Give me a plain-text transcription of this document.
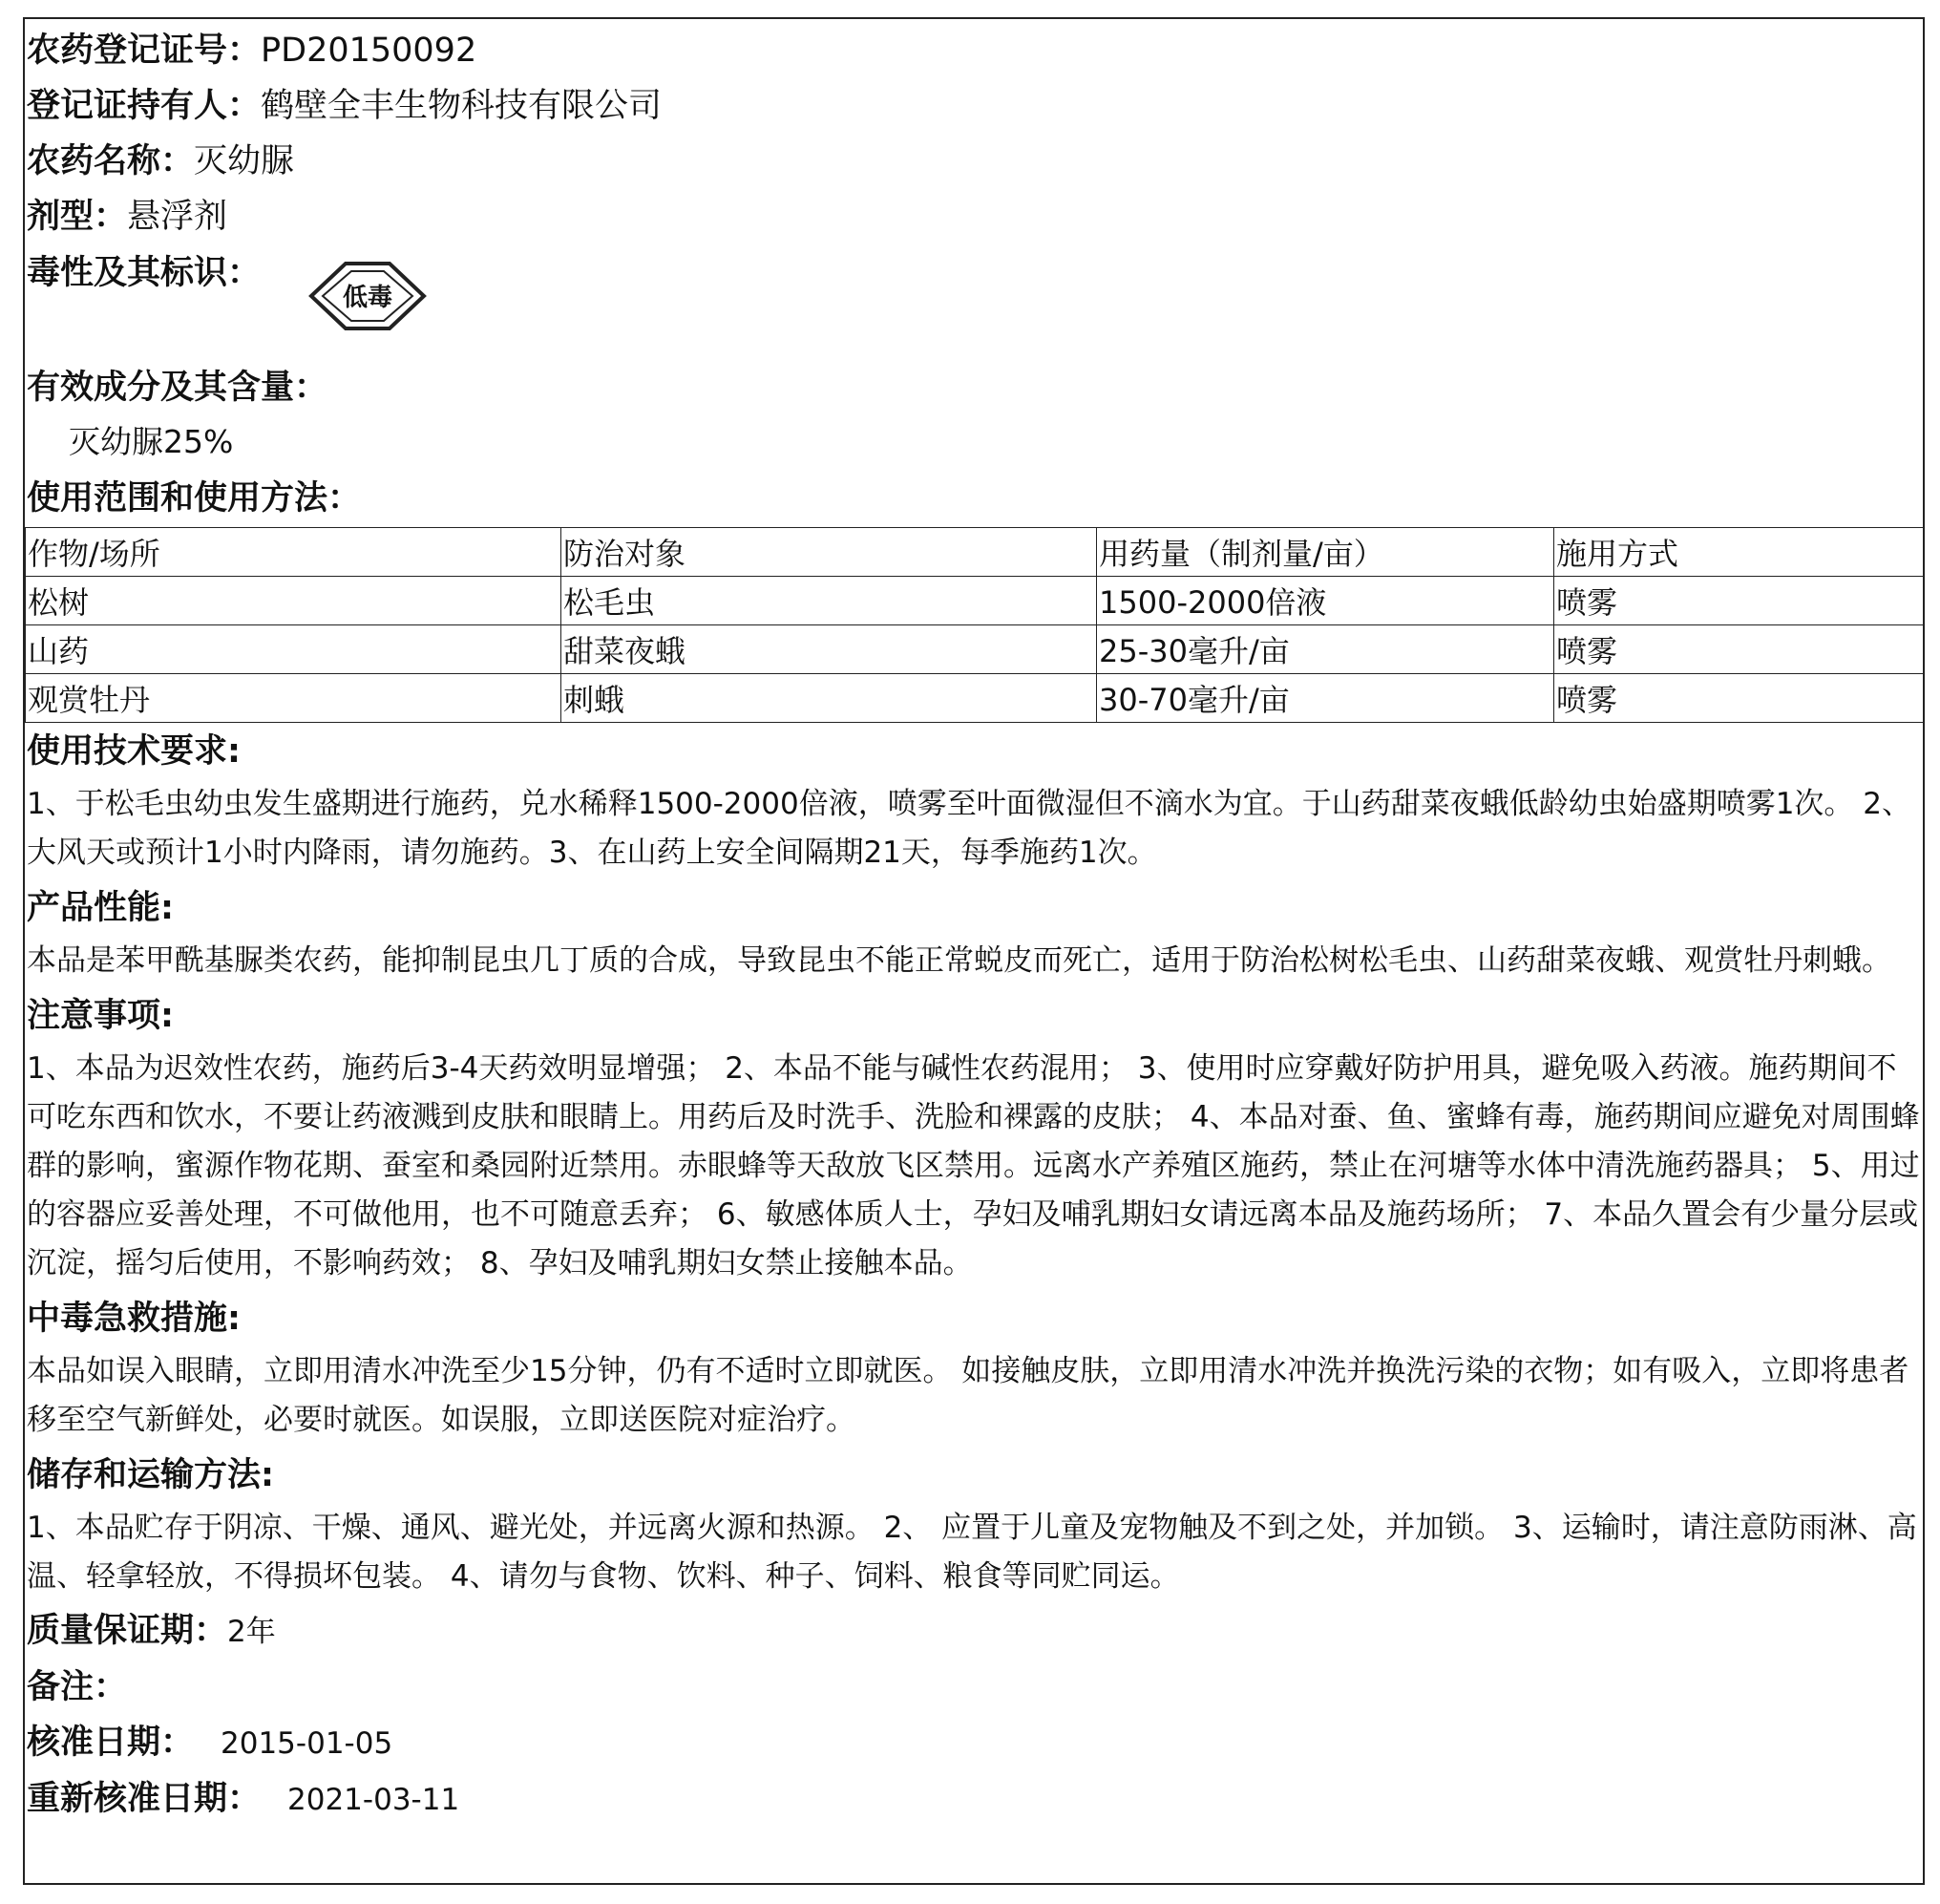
农药登记证号：PD20150092
登记证持有人：鹤壁全丰生物科技有限公司
农药名称：灭幼脲
剂型：悬浮剂
毒性及其标识：
低毒
有效成分及其含量：
灭幼脲25%
使用范围和使用方法：
作物/场所	防治对象	用药量（制剂量/亩）	施用方式
松树	松毛虫	1500-2000倍液	喷雾
山药	甜菜夜蛾	25-30毫升/亩	喷雾
观赏牡丹	刺蛾	30-70毫升/亩	喷雾
使用技术要求:
1、于松毛虫幼虫发生盛期进行施药，兑水稀释1500-2000倍液，喷雾至叶面微湿但不滴水为宜。于山药甜菜夜蛾低龄幼虫始盛期喷雾1次。 2、大风天或预计1小时内降雨，请勿施药。3、在山药上安全间隔期21天，每季施药1次。
产品性能:
本品是苯甲酰基脲类农药，能抑制昆虫几丁质的合成，导致昆虫不能正常蜕皮而死亡，适用于防治松树松毛虫、山药甜菜夜蛾、观赏牡丹刺蛾。
注意事项:
1、本品为迟效性农药，施药后3-4天药效明显增强； 2、本品不能与碱性农药混用； 3、使用时应穿戴好防护用具，避免吸入药液。施药期间不可吃东西和饮水，不要让药液溅到皮肤和眼睛上。用药后及时洗手、洗脸和裸露的皮肤； 4、本品对蚕、鱼、蜜蜂有毒，施药期间应避免对周围蜂群的影响，蜜源作物花期、蚕室和桑园附近禁用。赤眼蜂等天敌放飞区禁用。远离水产养殖区施药，禁止在河塘等水体中清洗施药器具； 5、用过的容器应妥善处理，不可做他用，也不可随意丢弃； 6、敏感体质人士，孕妇及哺乳期妇女请远离本品及施药场所； 7、本品久置会有少量分层或沉淀，摇匀后使用，不影响药效； 8、孕妇及哺乳期妇女禁止接触本品。
中毒急救措施:
本品如误入眼睛，立即用清水冲洗至少15分钟，仍有不适时立即就医。 如接触皮肤，立即用清水冲洗并换洗污染的衣物；如有吸入，立即将患者移至空气新鲜处，必要时就医。如误服，立即送医院对症治疗。
储存和运输方法:
1、本品贮存于阴凉、干燥、通风、避光处，并远离火源和热源。 2、 应置于儿童及宠物触及不到之处，并加锁。 3、运输时，请注意防雨淋、高温、轻拿轻放，不得损坏包装。 4、请勿与食物、饮料、种子、饲料、粮食等同贮同运。
质量保证期：2年
备注：
核准日期： 2015-01-05
重新核准日期： 2021-03-11
